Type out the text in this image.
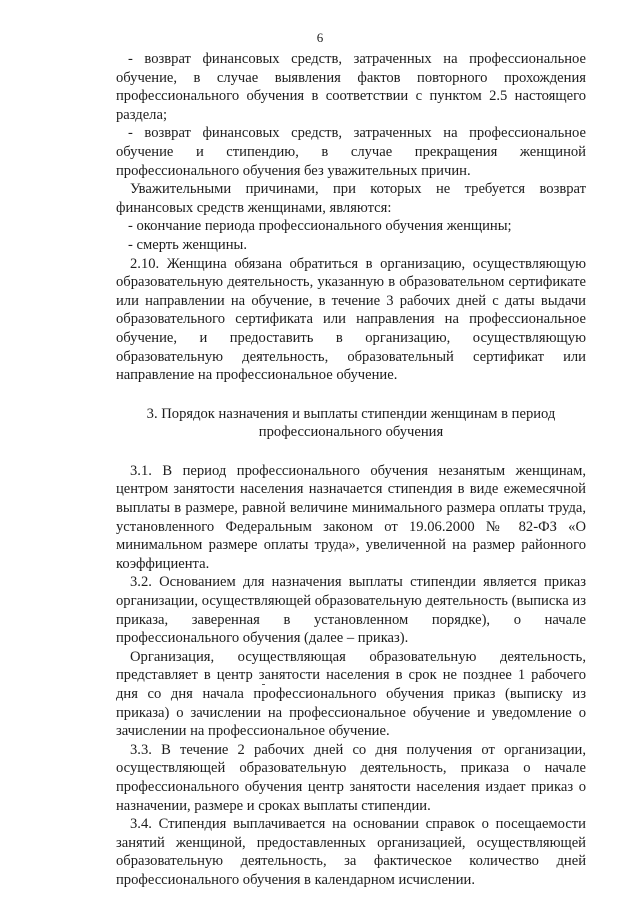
6

- возврат финансовых средств, затраченных на профессиональное обучение, в случае выявления фактов повторного прохождения профессионального обучения в соответствии с пунктом 2.5 настоящего раздела;

- возврат финансовых средств, затраченных на профессиональное обучение и стипендию, в случае прекращения женщиной профессионального обучения без уважительных причин.

Уважительными причинами, при которых не требуется возврат финансовых средств женщинами, являются:

- окончание периода профессионального обучения женщины;

- смерть женщины.

2.10. Женщина обязана обратиться в организацию, осуществляющую образовательную деятельность, указанную в образовательном сертификате или направлении на обучение, в течение 3 рабочих дней с даты выдачи образовательного сертификата или направления на профессиональное обучение, и предоставить в организацию, осуществляющую образовательную деятельность, образовательный сертификат или направление на профессиональное обучение.

3. Порядок назначения и выплаты стипендии женщинам в период профессионального обучения

3.1. В период профессионального обучения незанятым женщинам, центром занятости населения назначается стипендия в виде ежемесячной выплаты в размере, равной величине минимального размера оплаты труда, установленного Федеральным законом от 19.06.2000 № 82-ФЗ «О минимальном размере оплаты труда», увеличенной на размер районного коэффициента.

3.2. Основанием для назначения выплаты стипендии является приказ организации, осуществляющей образовательную деятельность (выписка из приказа, заверенная в установленном порядке), о начале профессионального обучения (далее – приказ).

Организация, осуществляющая образовательную деятельность, представляет в центр занятости населения в срок не позднее 1 рабочего дня со дня начала профессионального обучения приказ (выписку из приказа) о зачислении на профессиональное обучение и уведомление о зачислении на профессиональное обучение.

3.3. В течение 2 рабочих дней со дня получения от организации, осуществляющей образовательную деятельность, приказа о начале профессионального обучения центр занятости населения издает приказ о назначении, размере и сроках выплаты стипендии.

3.4. Стипендия выплачивается на основании справок о посещаемости занятий женщиной, предоставленных организацией, осуществляющей образовательную деятельность, за фактическое количество дней профессионального обучения в календарном исчислении.
